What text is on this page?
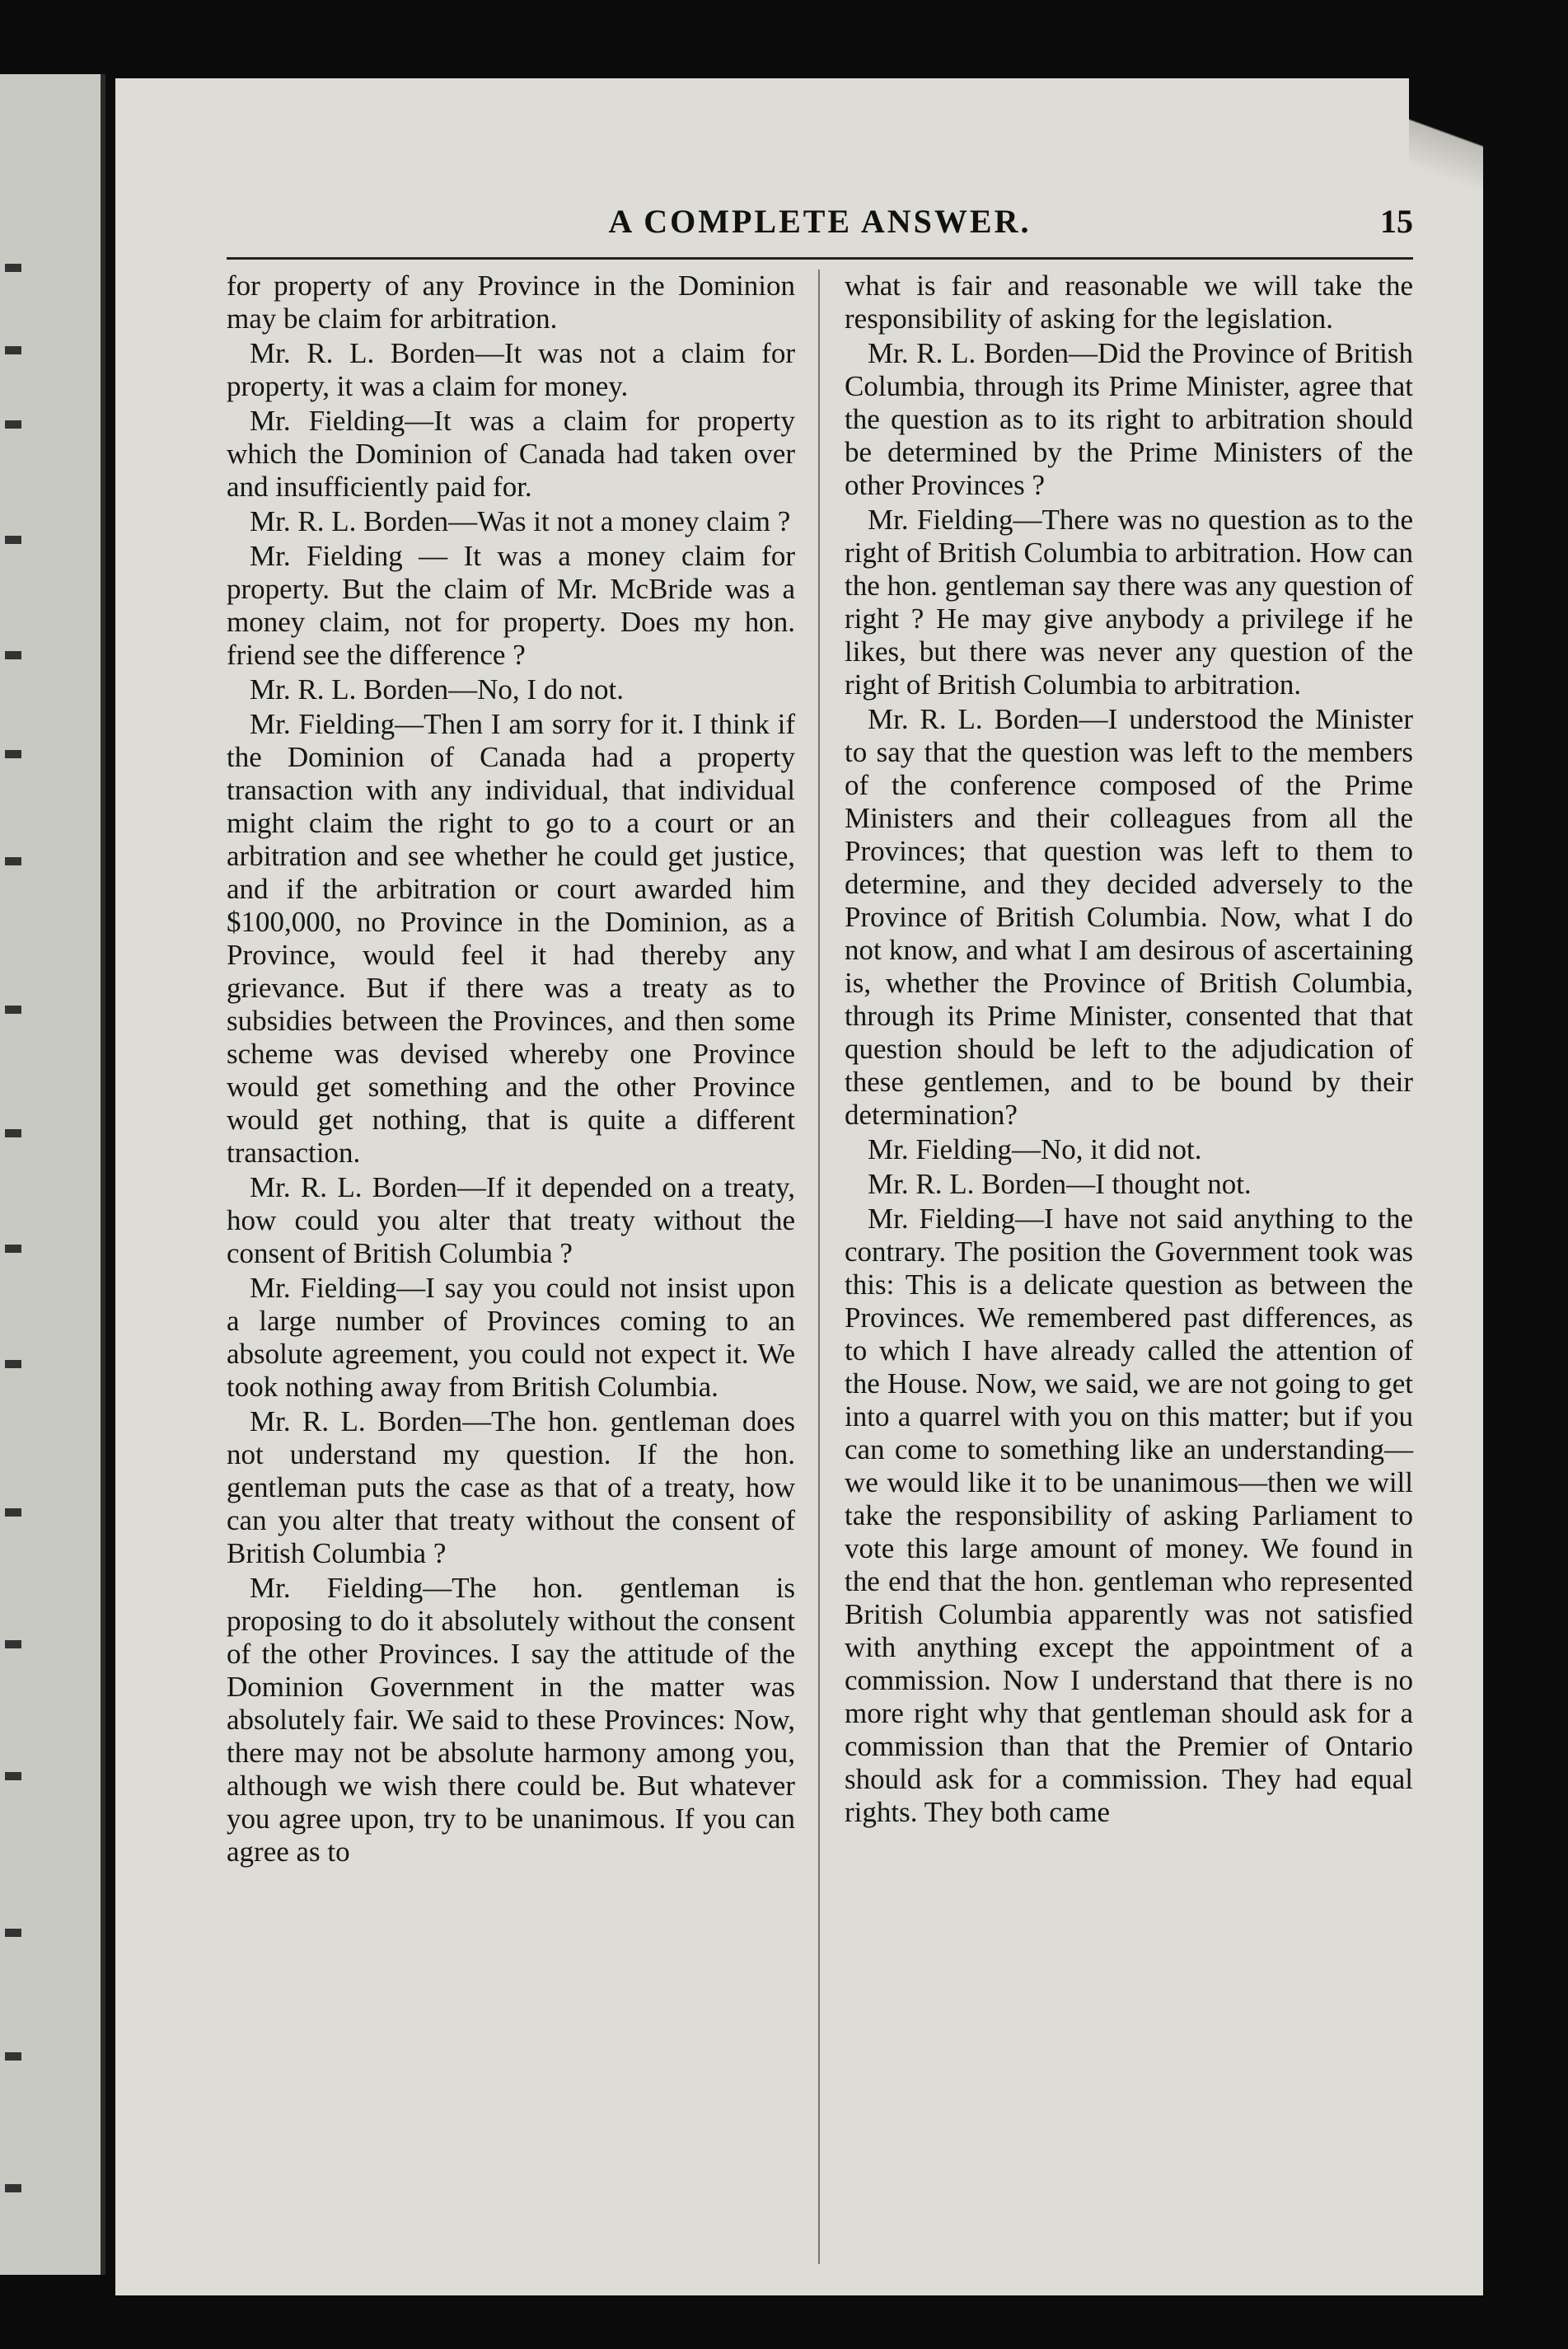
A COMPLETE ANSWER.	15

for property of any Province in the Dominion may be claim for arbitration.

Mr. R. L. Borden—It was not a claim for property, it was a claim for money.

Mr. Fielding—It was a claim for property which the Dominion of Canada had taken over and insufficiently paid for.

Mr. R. L. Borden—Was it not a money claim ?

Mr. Fielding — It was a money claim for property. But the claim of Mr. McBride was a money claim, not for property. Does my hon. friend see the difference ?

Mr. R. L. Borden—No, I do not.

Mr. Fielding—Then I am sorry for it. I think if the Dominion of Canada had a property transaction with any individual, that individual might claim the right to go to a court or an arbitration and see whether he could get justice, and if the arbitration or court awarded him $100,000, no Province in the Dominion, as a Province, would feel it had thereby any grievance. But if there was a treaty as to subsidies between the Provinces, and then some scheme was devised whereby one Province would get something and the other Province would get nothing, that is quite a different transaction.

Mr. R. L. Borden—If it depended on a treaty, how could you alter that treaty without the consent of British Columbia ?

Mr. Fielding—I say you could not insist upon a large number of Provinces coming to an absolute agreement, you could not expect it. We took nothing away from British Columbia.

Mr. R. L. Borden—The hon. gentleman does not understand my question. If the hon. gentleman puts the case as that of a treaty, how can you alter that treaty without the consent of British Columbia ?

Mr. Fielding—The hon. gentleman is proposing to do it absolutely without the consent of the other Provinces. I say the attitude of the Dominion Government in the matter was absolutely fair. We said to these Provinces: Now, there may not be absolute harmony among you, although we wish there could be. But whatever you agree upon, try to be unanimous. If you can agree as to

what is fair and reasonable we will take the responsibility of asking for the legislation.

Mr. R. L. Borden—Did the Province of British Columbia, through its Prime Minister, agree that the question as to its right to arbitration should be determined by the Prime Ministers of the other Provinces ?

Mr. Fielding—There was no question as to the right of British Columbia to arbitration. How can the hon. gentleman say there was any question of right ? He may give anybody a privilege if he likes, but there was never any question of the right of British Columbia to arbitration.

Mr. R. L. Borden—I understood the Minister to say that the question was left to the members of the conference composed of the Prime Ministers and their colleagues from all the Provinces; that question was left to them to determine, and they decided adversely to the Province of British Columbia. Now, what I do not know, and what I am desirous of ascertaining is, whether the Province of British Columbia, through its Prime Minister, consented that that question should be left to the adjudication of these gentlemen, and to be bound by their determination?

Mr. Fielding—No, it did not.

Mr. R. L. Borden—I thought not.

Mr. Fielding—I have not said anything to the contrary. The position the Government took was this: This is a delicate question as between the Provinces. We remembered past differences, as to which I have already called the attention of the House. Now, we said, we are not going to get into a quarrel with you on this matter; but if you can come to something like an understanding—we would like it to be unanimous—then we will take the responsibility of asking Parliament to vote this large amount of money. We found in the end that the hon. gentleman who represented British Columbia apparently was not satisfied with anything except the appointment of a commission. Now I understand that there is no more right why that gentleman should ask for a commission than that the Premier of Ontario should ask for a commission. They had equal rights. They both came
